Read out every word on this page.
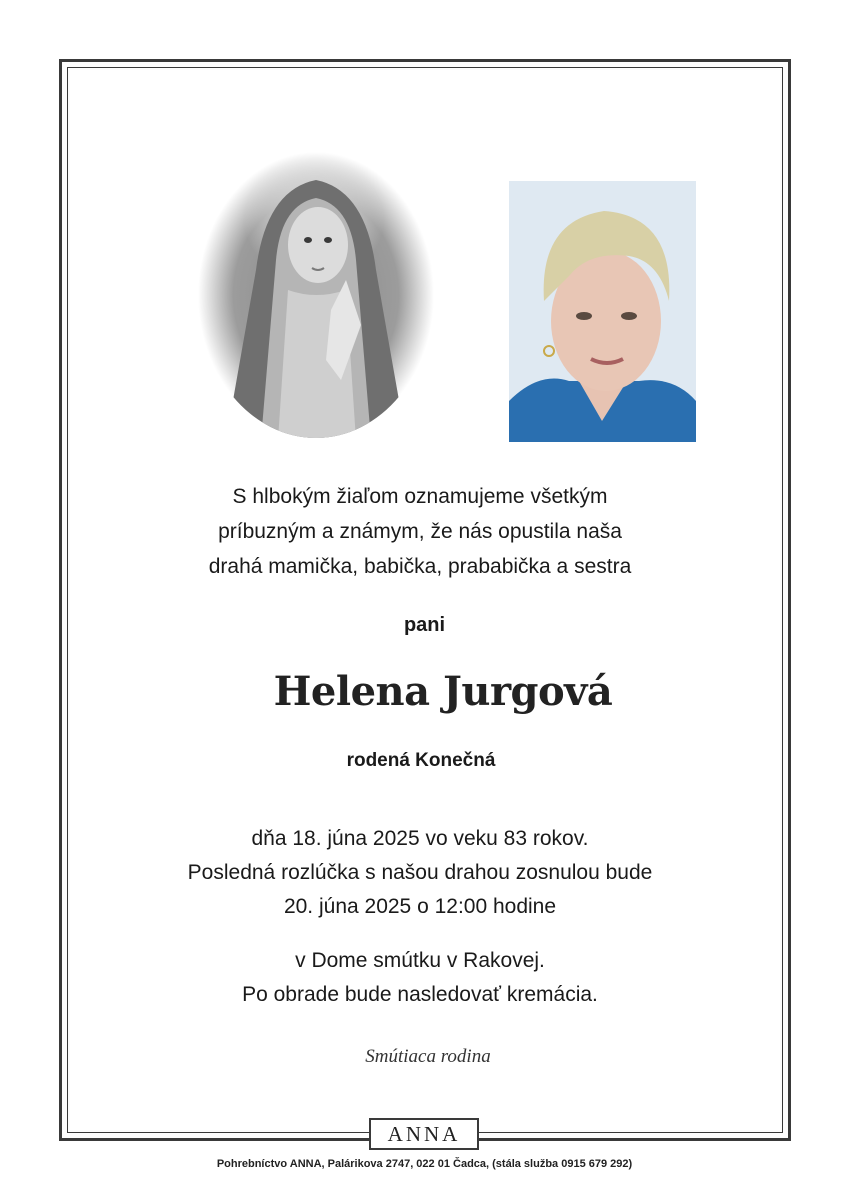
S hlbokým žiaľom oznamujeme všetkým
príbuzným a známym, že nás opustila naša
drahá mamička, babička, prababička a sestra
pani
Helena Jurgová
rodená Konečná
dňa 18. júna 2025 vo veku 83 rokov.
Posledná rozlúčka s našou drahou zosnulou bude
20. júna 2025 o 12:00 hodine
v Dome smútku v Rakovej.
Po obrade bude nasledovať kremácia.
Smútiaca rodina
ANNA
Pohrebníctvo ANNA, Palárikova 2747, 022 01 Čadca, (stála služba 0915 679 292)
